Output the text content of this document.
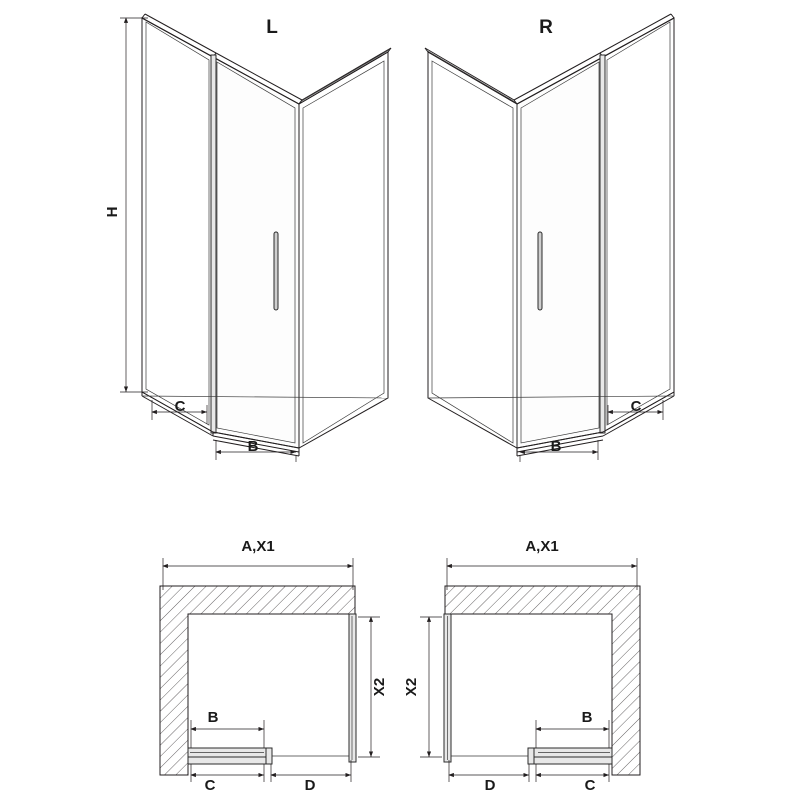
H
C
B
L
B
C
R
A,X1
X2
B
C	D
A,X1
X2
B
D	C
